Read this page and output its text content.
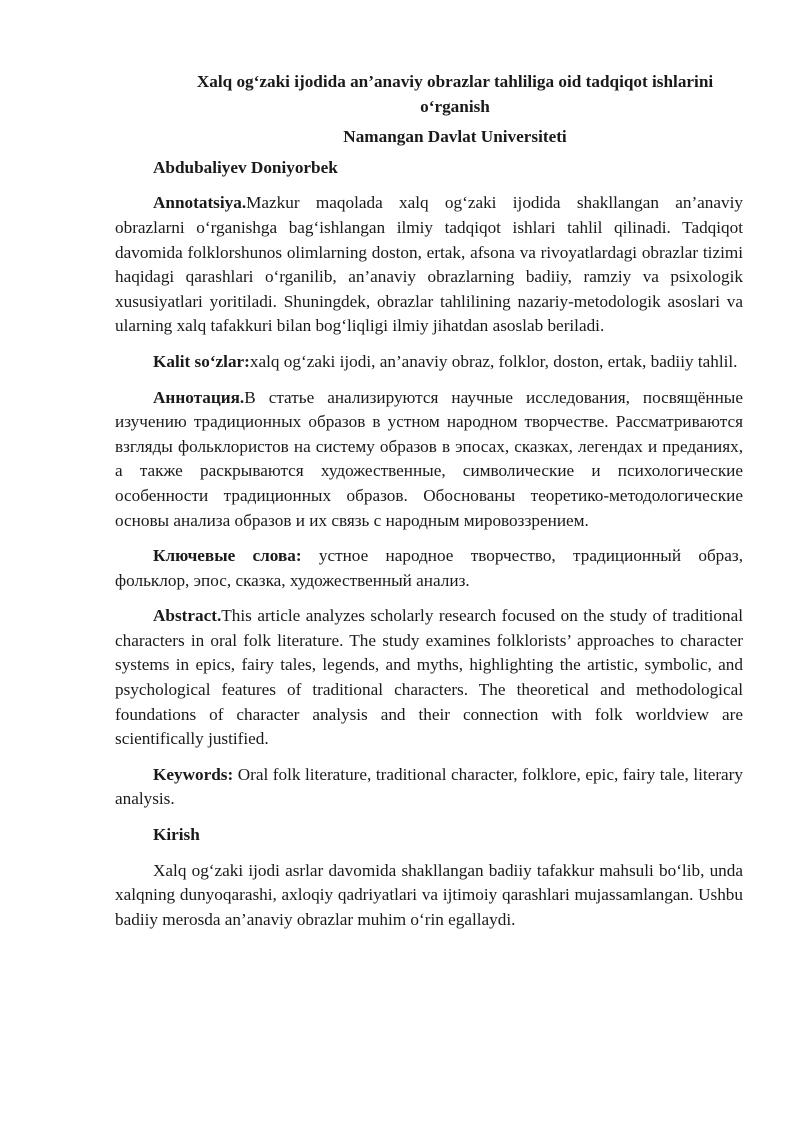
Xalq og‘zaki ijodida an’anaviy obrazlar tahliliga oid tadqiqot ishlarini o‘rganish

Namangan Davlat Universiteti

Abdubaliyev Doniyorbek

Annotatsiya.Mazkur maqolada xalq og‘zaki ijodida shakllangan an’anaviy obrazlarni o‘rganishga bag‘ishlangan ilmiy tadqiqot ishlari tahlil qilinadi. Tadqiqot davomida folklorshunos olimlarning doston, ertak, afsona va rivoyatlardagi obrazlar tizimi haqidagi qarashlari o‘rganilib, an’anaviy obrazlarning badiiy, ramziy va psixologik xususiyatlari yoritiladi. Shuningdek, obrazlar tahlilining nazariy-metodologik asoslari va ularning xalq tafakkuri bilan bog‘liqligi ilmiy jihatdan asoslab beriladi.

Kalit so‘zlar:xalq og‘zaki ijodi, an’anaviy obraz, folklor, doston, ertak, badiiy tahlil.

Аннотация.В статье анализируются научные исследования, посвящённые изучению традиционных образов в устном народном творчестве. Рассматриваются взгляды фольклористов на систему образов в эпосах, сказках, легендах и преданиях, а также раскрываются художественные, символические и психологические особенности традиционных образов. Обоснованы теоретико-методологические основы анализа образов и их связь с народным мировоззрением.

Ключевые слова: устное народное творчество, традиционный образ, фольклор, эпос, сказка, художественный анализ.

Abstract.This article analyzes scholarly research focused on the study of traditional characters in oral folk literature. The study examines folklorists’ approaches to character systems in epics, fairy tales, legends, and myths, highlighting the artistic, symbolic, and psychological features of traditional characters. The theoretical and methodological foundations of character analysis and their connection with folk worldview are scientifically justified.

Keywords: Oral folk literature, traditional character, folklore, epic, fairy tale, literary analysis.

Kirish

Xalq og‘zaki ijodi asrlar davomida shakllangan badiiy tafakkur mahsuli bo‘lib, unda xalqning dunyoqarashi, axloqiy qadriyatlari va ijtimoiy qarashlari mujassamlangan. Ushbu badiiy merosda an’anaviy obrazlar muhim o‘rin egallaydi.
